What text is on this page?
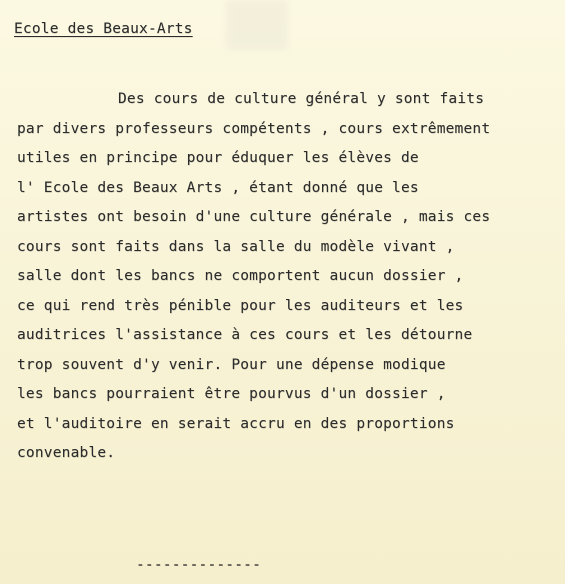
Ecole des Beaux-Arts
Des cours de culture général y sont faits
par divers professeurs compétents , cours extrêmement
utiles en principe pour éduquer les élèves de
l' Ecole des Beaux Arts , étant donné que les
artistes ont besoin d'une culture générale , mais ces
cours sont faits dans la salle du modèle vivant ,
salle dont les bancs ne comportent aucun dossier ,
ce qui rend très pénible pour les auditeurs et les
auditrices l'assistance à ces cours et les détourne
trop souvent d'y venir. Pour une dépense modique
les bancs pourraient être pourvus d'un dossier ,
et l'auditoire en serait accru en des proportions
convenable.
--------------
